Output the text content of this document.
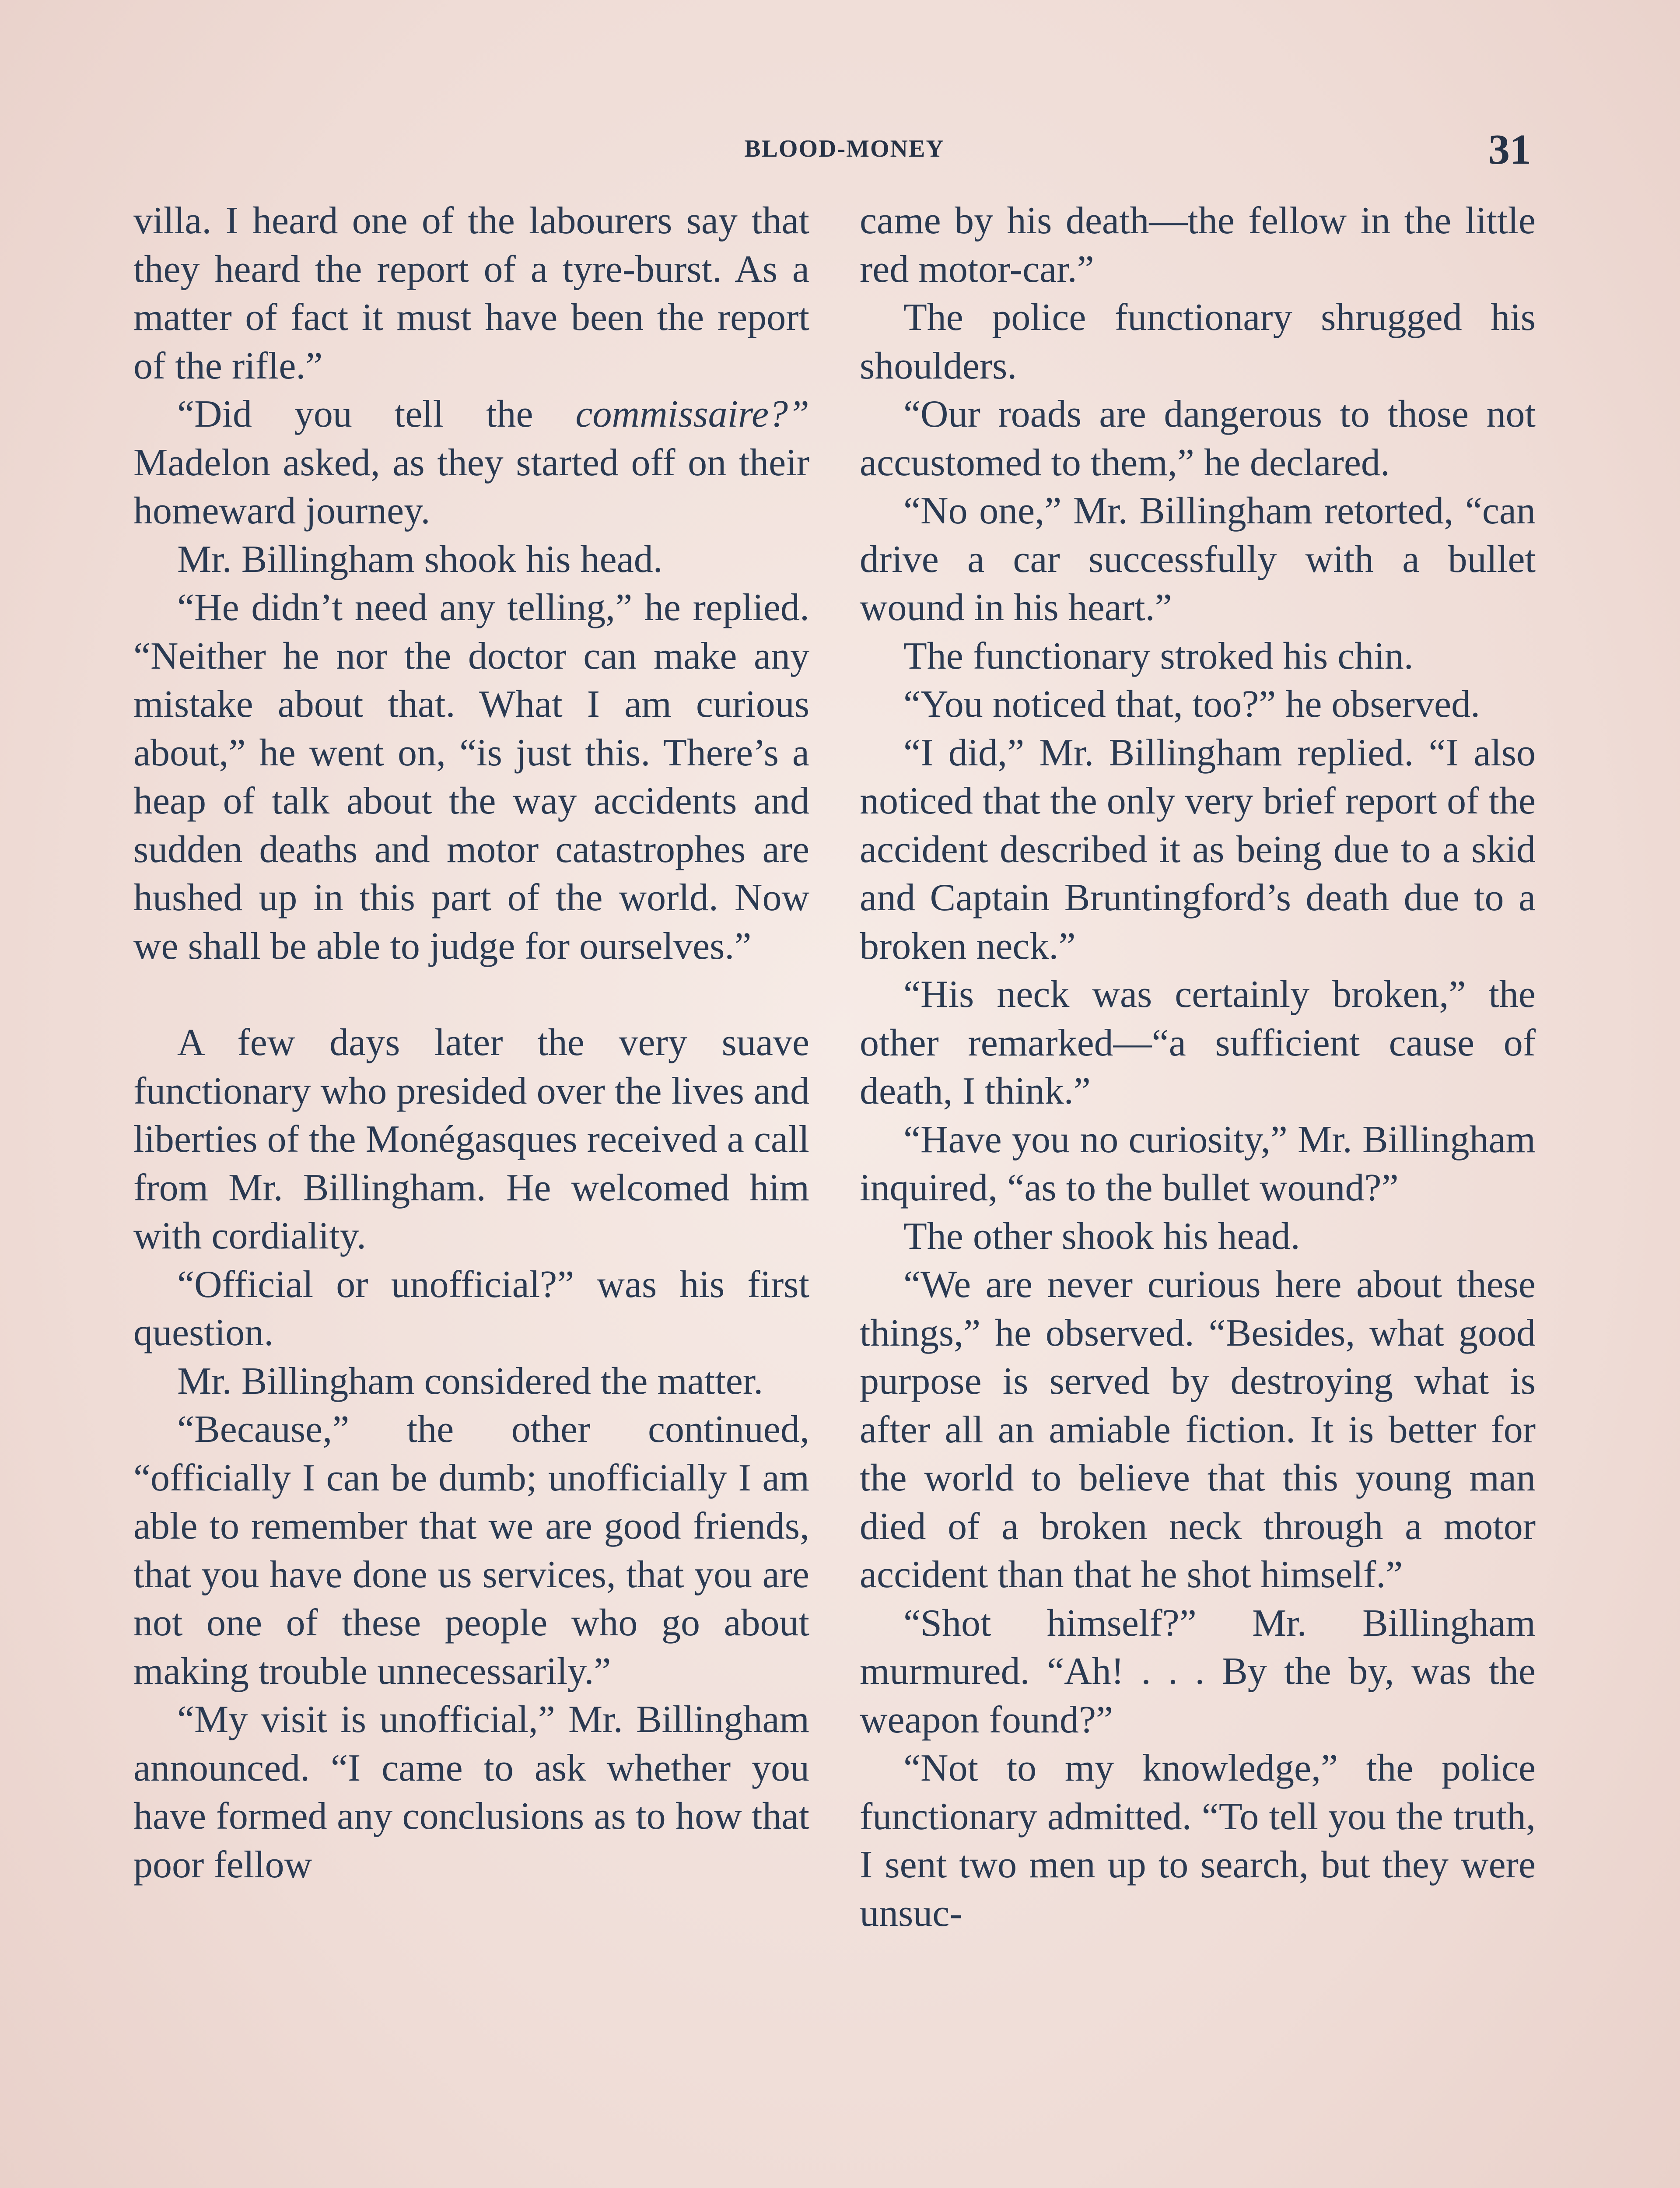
BLOOD-MONEY	31

villa. I heard one of the labourers say that they heard the report of a tyre-burst. As a matter of fact it must have been the report of the rifle.”

“Did you tell the commissaire?” Madelon asked, as they started off on their homeward journey.

Mr. Billingham shook his head.

“He didn’t need any telling,” he replied. “Neither he nor the doctor can make any mistake about that. What I am curious about,” he went on, “is just this. There’s a heap of talk about the way accidents and sudden deaths and motor catastrophes are hushed up in this part of the world. Now we shall be able to judge for ourselves.”

A few days later the very suave functionary who presided over the lives and liberties of the Monégasques received a call from Mr. Billingham. He welcomed him with cordiality.

“Official or unofficial?” was his first question.

Mr. Billingham considered the matter.

“Because,” the other continued, “officially I can be dumb; unofficially I am able to remember that we are good friends, that you have done us services, that you are not one of these people who go about making trouble unnecessarily.”

“My visit is unofficial,” Mr. Billingham announced. “I came to ask whether you have formed any conclusions as to how that poor fellow

came by his death—the fellow in the little red motor-car.”

The police functionary shrugged his shoulders.

“Our roads are dangerous to those not accustomed to them,” he declared.

“No one,” Mr. Billingham retorted, “can drive a car successfully with a bullet wound in his heart.”

The functionary stroked his chin.

“You noticed that, too?” he observed.

“I did,” Mr. Billingham replied. “I also noticed that the only very brief report of the accident described it as being due to a skid and Captain Bruntingford’s death due to a broken neck.”

“His neck was certainly broken,” the other remarked—“a sufficient cause of death, I think.”

“Have you no curiosity,” Mr. Billingham inquired, “as to the bullet wound?”

The other shook his head.

“We are never curious here about these things,” he observed. “Besides, what good purpose is served by destroying what is after all an amiable fiction. It is better for the world to believe that this young man died of a broken neck through a motor accident than that he shot himself.”

“Shot himself?” Mr. Billingham murmured. “Ah! . . . By the by, was the weapon found?”

“Not to my knowledge,” the police functionary admitted. “To tell you the truth, I sent two men up to search, but they were unsuc-
